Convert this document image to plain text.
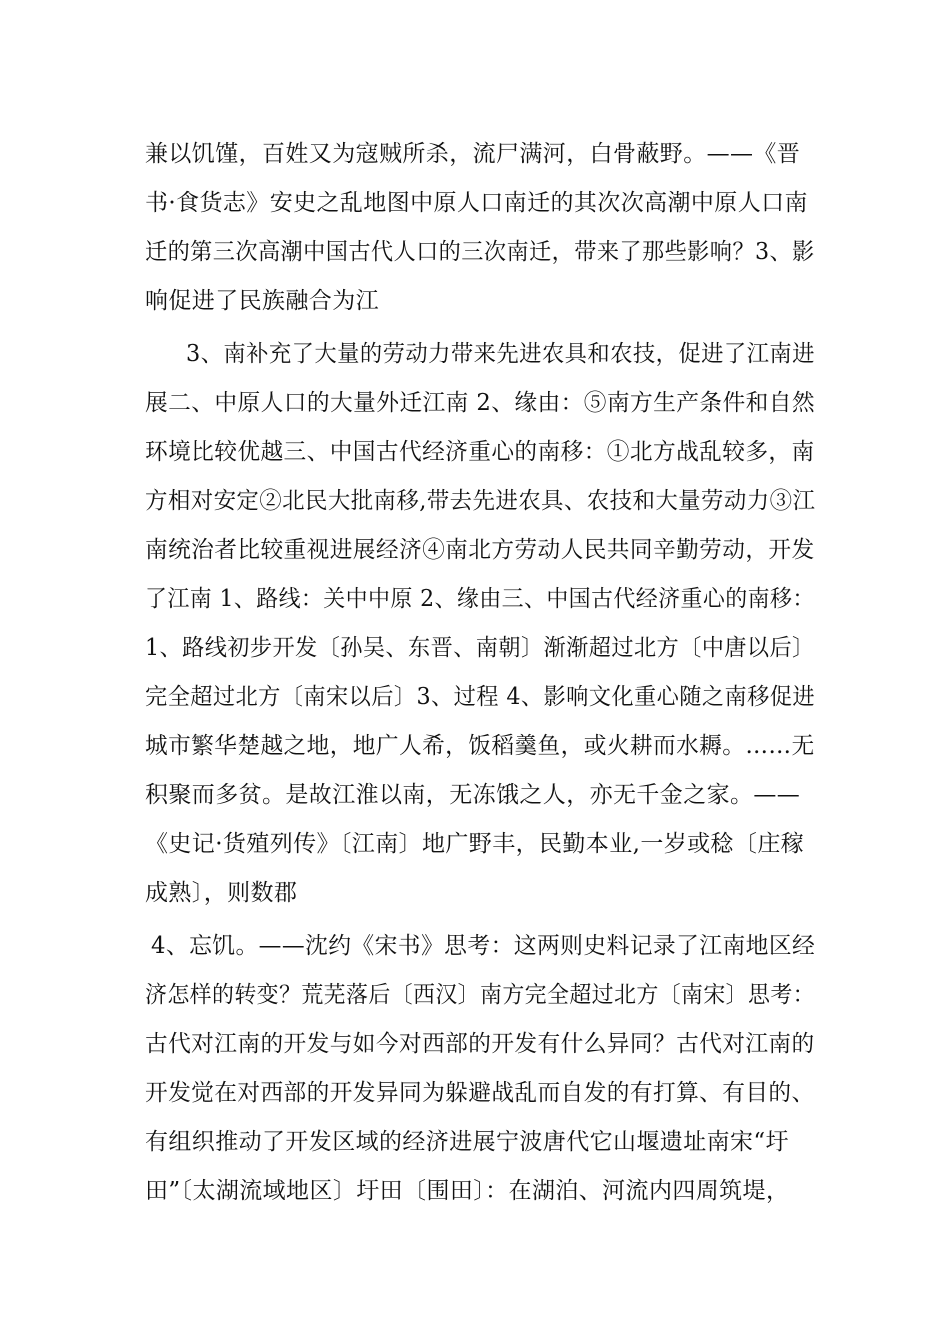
兼以饥馑，百姓又为寇贼所杀，流尸满河，白骨蔽野。——《晋
书·食货志》安史之乱地图中原人口南迁的其次次高潮中原人口南
迁的第三次高潮中国古代人口的三次南迁，带来了那些影响？3、影
响促进了民族融合为江
3、南补充了大量的劳动力带来先进农具和农技，促进了江南进
展二、中原人口的大量外迁江南 2、缘由：⑤南方生产条件和自然
环境比较优越三、中国古代经济重心的南移：①北方战乱较多，南
方相对安定②北民大批南移,带去先进农具、农技和大量劳动力③江
南统治者比较重视进展经济④南北方劳动人民共同辛勤劳动，开发
了江南 1、路线：关中中原 2、缘由三、中国古代经济重心的南移：
1、路线初步开发〔孙吴、东晋、南朝〕渐渐超过北方〔中唐以后〕
完全超过北方〔南宋以后〕3、过程 4、影响文化重心随之南移促进
城市繁华楚越之地，地广人希，饭稻羹鱼，或火耕而水耨。……无
积聚而多贫。是故江淮以南，无冻饿之人，亦无千金之家。——
《史记·货殖列传》〔江南〕地广野丰，民勤本业,一岁或稔〔庄稼
成熟〕，则数郡
4、忘饥。——沈约《宋书》思考：这两则史料记录了江南地区经
济怎样的转变？荒芜落后〔西汉〕南方完全超过北方〔南宋〕思考：
古代对江南的开发与如今对西部的开发有什么异同？古代对江南的
开发觉在对西部的开发异同为躲避战乱而自发的有打算、有目的、
有组织推动了开发区域的经济进展宁波唐代它山堰遗址南宋“圩
田”〔太湖流域地区〕圩田〔围田〕：在湖泊、河流内四周筑堤，
